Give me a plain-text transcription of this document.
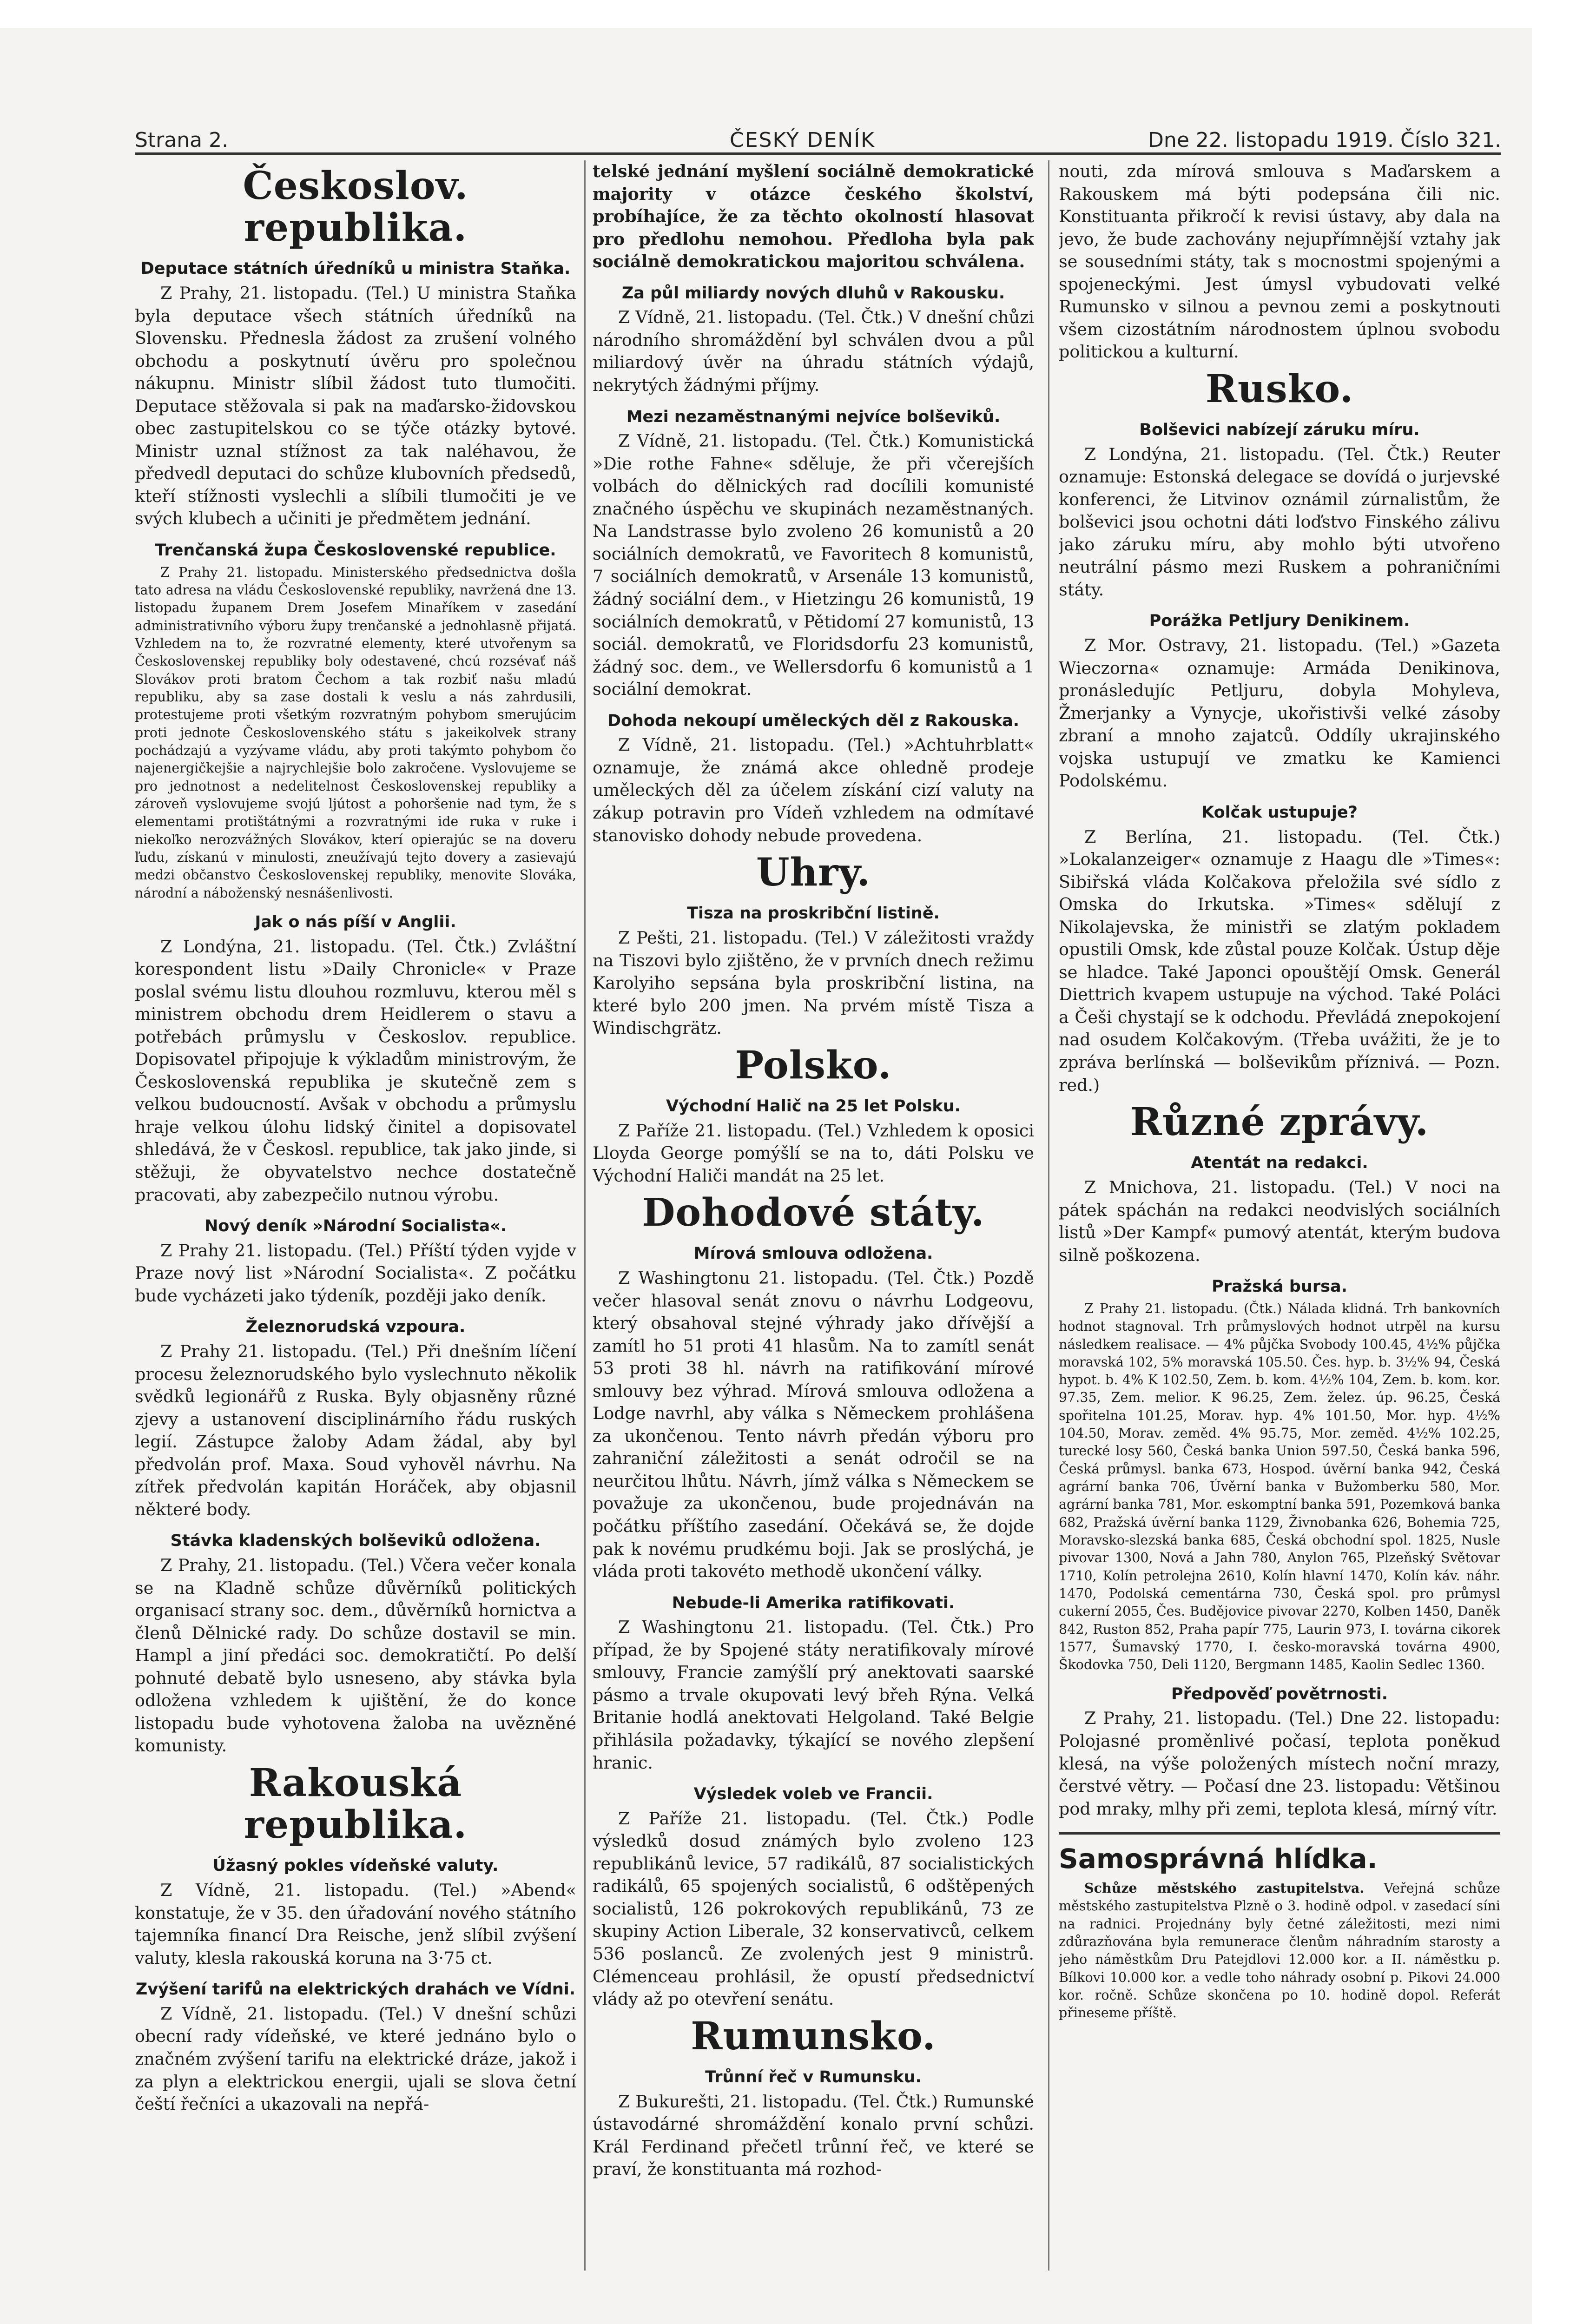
Strana 2.	ČESKÝ DENÍK	Dne 22. listopadu 1919. Číslo 321.
Českoslov. republika.
Deputace státních úředníků u ministra Staňka.

Z Prahy, 21. listopadu. (Tel.) U ministra Staňka byla deputace všech státních úředníků na Slovensku. Přednesla žádost za zrušení volného obchodu a poskytnutí úvěru pro společnou nákupnu. Ministr slíbil žádost tuto tlumočiti. Deputace stěžovala si pak na maďarsko-židovskou obec zastupitelskou co se týče otázky bytové. Ministr uznal stížnost za tak naléhavou, že předvedl deputaci do schůze klubovních předsedů, kteří stížnosti vyslechli a slíbili tlumočiti je ve svých klubech a učiniti je předmětem jednání.

Trenčanská župa Československé republice.

Z Prahy 21. listopadu. Ministerského předsednictva došla tato adresa na vládu Československé republiky, navržená dne 13. listopadu županem Drem Josefem Minaříkem v zasedání administrativního výboru župy trenčanské a jednohlasně přijatá. Vzhledem na to, že rozvratné elementy, které utvořenym sa Československej republiky boly odestavené, chcú rozsévať náš Slovákov proti bratom Čechom a tak rozbiť našu mladú republiku, aby sa zase dostali k veslu a nás zahrdusili, protestujeme proti všetkým rozvratným pohybom smerujúcim proti jednote Československého státu s jakeikolvek strany pochádzajú a vyzývame vládu, aby proti takýmto pohybom čo najenergičkejšie a najrychlejšie bolo zakročene. Vyslovujeme se pro jednotnost a nedelitelnost Československej republiky a zároveň vyslovujeme svojú ljútost a pohoršenie nad tym, že s elementami protištátnými a rozvratnými ide ruka v ruke i niekoľko nerozvážných Slovákov, kterí opierajúc se na doveru ľudu, získanú v minulosti, zneužívajú tejto dovery a zasievajú medzi občanstvo Československej republiky, menovite Slováka, národní a náboženský nesnášenlivosti.

Jak o nás píší v Anglii.

Z Londýna, 21. listopadu. (Tel. Čtk.) Zvláštní korespondent listu »Daily Chronicle« v Praze poslal svému listu dlouhou rozmluvu, kterou měl s ministrem obchodu drem Heidlerem o stavu a potřebách průmyslu v Českoslov. republice. Dopisovatel připojuje k výkladům ministrovým, že Československá republika je skutečně zem s velkou budoucností. Avšak v obchodu a průmyslu hraje velkou úlohu lidský činitel a dopisovatel shledává, že v Českosl. republice, tak jako jinde, si stěžuji, že obyvatelstvo nechce dostatečně pracovati, aby zabezpečilo nutnou výrobu.

Nový deník »Národní Socialista«.

Z Prahy 21. listopadu. (Tel.) Příští týden vyjde v Praze nový list »Národní Socialista«. Z počátku bude vycházeti jako týdeník, později jako deník.

Železnorudská vzpoura.

Z Prahy 21. listopadu. (Tel.) Při dnešním líčení procesu železnorudského bylo vyslechnuto několik svědků legionářů z Ruska. Byly objasněny různé zjevy a ustanovení disciplinárního řádu ruských legií. Zástupce žaloby Adam žádal, aby byl předvolán prof. Maxa. Soud vyhověl návrhu. Na zítřek předvolán kapitán Horáček, aby objasnil některé body.

Stávka kladenských bolševiků odložena.

Z Prahy, 21. listopadu. (Tel.) Včera večer konala se na Kladně schůze důvěrníků politických organisací strany soc. dem., důvěrníků hornictva a členů Dělnické rady. Do schůze dostavil se min. Hampl a jiní předáci soc. demokratičtí. Po delší pohnuté debatě bylo usneseno, aby stávka byla odložena vzhledem k ujištění, že do konce listopadu bude vyhotovena žaloba na uvězněné komunisty.

Rakouská republika.
Úžasný pokles vídeňské valuty.

Z Vídně, 21. listopadu. (Tel.) »Abend« konstatuje, že v 35. den úřadování nového státního tajemníka financí Dra Reische, jenž slíbil zvýšení valuty, klesla rakouská koruna na 3·75 ct.

Zvýšení tarifů na elektrických drahách ve Vídni.

Z Vídně, 21. listopadu. (Tel.) V dnešní schůzi obecní rady vídeňské, ve které jednáno bylo o značném zvýšení tarifu na elektrické dráze, jakož i za plyn a elektrickou energii, ujali se slova četní čeští řečníci a ukazovali na nepřá-

telské jednání myšlení sociálně demokratické majority v otázce českého školství, probíhajíce, že za těchto okolností hlasovat pro předlohu nemohou. Předloha byla pak sociálně demokratickou majoritou schválena.

Za půl miliardy nových dluhů v Rakousku.

Z Vídně, 21. listopadu. (Tel. Čtk.) V dnešní chůzi národního shromáždění byl schválen dvou a půl miliardový úvěr na úhradu státních výdajů, nekrytých žádnými příjmy.

Mezi nezaměstnanými nejvíce bolševiků.

Z Vídně, 21. listopadu. (Tel. Čtk.) Komunistická »Die rothe Fahne« sděluje, že při včerejších volbách do dělnických rad docílili komunisté značného úspěchu ve skupinách nezaměstnaných. Na Landstrasse bylo zvoleno 26 komunistů a 20 sociálních demokratů, ve Favoritech 8 komunistů, 7 sociálních demokratů, v Arsenále 13 komunistů, žádný sociální dem., v Hietzingu 26 komunistů, 19 sociálních demokratů, v Pětidomí 27 komunistů, 13 sociál. demokratů, ve Floridsdorfu 23 komunistů, žádný soc. dem., ve Wellersdorfu 6 komunistů a 1 sociální demokrat.

Dohoda nekoupí uměleckých děl z Rakouska.

Z Vídně, 21. listopadu. (Tel.) »Achtuhrblatt« oznamuje, že známá akce ohledně prodeje uměleckých děl za účelem získání cizí valuty na zákup potravin pro Vídeň vzhledem na odmítavé stanovisko dohody nebude provedena.

Uhry.
Tisza na proskribční listině.

Z Pešti, 21. listopadu. (Tel.) V záležitosti vraždy na Tiszovi bylo zjištěno, že v prvních dnech režimu Karolyiho sepsána byla proskribční listina, na které bylo 200 jmen. Na prvém místě Tisza a Windischgrätz.

Polsko.
Východní Halič na 25 let Polsku.

Z Paříže 21. listopadu. (Tel.) Vzhledem k oposici Lloyda George pomýšlí se na to, dáti Polsku ve Východní Haliči mandát na 25 let.

Dohodové státy.
Mírová smlouva odložena.

Z Washingtonu 21. listopadu. (Tel. Čtk.) Pozdě večer hlasoval senát znovu o návrhu Lodgeovu, který obsahoval stejné výhrady jako dřívější a zamítl ho 51 proti 41 hlasům. Na to zamítl senát 53 proti 38 hl. návrh na ratifikování mírové smlouvy bez výhrad. Mírová smlouva odložena a Lodge navrhl, aby válka s Německem prohlášena za ukončenou. Tento návrh předán výboru pro zahraniční záležitosti a senát odročil se na neurčitou lhůtu. Návrh, jímž válka s Německem se považuje za ukončenou, bude projednáván na počátku příštího zasedání. Očekává se, že dojde pak k novému prudkému boji. Jak se proslýchá, je vláda proti takovéto methodě ukončení války.

Nebude-li Amerika ratifikovati.

Z Washingtonu 21. listopadu. (Tel. Čtk.) Pro případ, že by Spojené státy neratifikovaly mírové smlouvy, Francie zamýšlí prý anektovati saarské pásmo a trvale okupovati levý břeh Rýna. Velká Britanie hodlá anektovati Helgoland. Také Belgie přihlásila požadavky, týkající se nového zlepšení hranic.

Výsledek voleb ve Francii.

Z Paříže 21. listopadu. (Tel. Čtk.) Podle výsledků dosud známých bylo zvoleno 123 republikánů levice, 57 radikálů, 87 socialistických radikálů, 65 spojených socialistů, 6 odštěpených socialistů, 126 pokrokových republikánů, 73 ze skupiny Action Liberale, 32 konservativců, celkem 536 poslanců. Ze zvolených jest 9 ministrů. Clémenceau prohlásil, že opustí předsednictví vlády až po otevření senátu.

Rumunsko.
Trůnní řeč v Rumunsku.

Z Bukurešti, 21. listopadu. (Tel. Čtk.) Rumunské ústavodárné shromáždění konalo první schůzi. Král Ferdinand přečetl trůnní řeč, ve které se praví, že konstituanta má rozhod-

nouti, zda mírová smlouva s Maďarskem a Rakouskem má býti podepsána čili nic. Konstituanta přikročí k revisi ústavy, aby dala na jevo, že bude zachovány nejupřímnější vztahy jak se sousedními státy, tak s mocnostmi spojenými a spojeneckými. Jest úmysl vybudovati velké Rumunsko v silnou a pevnou zemi a poskytnouti všem cizostátním národnostem úplnou svobodu politickou a kulturní.

Rusko.
Bolševici nabízejí záruku míru.

Z Londýna, 21. listopadu. (Tel. Čtk.) Reuter oznamuje: Estonská delegace se dovídá o jurjevské konferenci, že Litvinov oznámil zúrnalistům, že bolševici jsou ochotni dáti loďstvo Finského zálivu jako záruku míru, aby mohlo býti utvořeno neutrální pásmo mezi Ruskem a pohraničními státy.

Porážka Petljury Denikinem.

Z Mor. Ostravy, 21. listopadu. (Tel.) »Gazeta Wieczorna« oznamuje: Armáda Denikinova, pronásledujíc Petljuru, dobyla Mohyleva, Žmerjanky a Vynycje, ukořistivši velké zásoby zbraní a mnoho zajatců. Oddíly ukrajinského vojska ustupují ve zmatku ke Kamienci Podolskému.

Kolčak ustupuje?

Z Berlína, 21. listopadu. (Tel. Čtk.) »Lokalanzeiger« oznamuje z Haagu dle »Times«: Sibiřská vláda Kolčakova přeložila své sídlo z Omska do Irkutska. »Times« sdělují z Nikolajevska, že ministři se zlatým pokladem opustili Omsk, kde zůstal pouze Kolčak. Ústup děje se hladce. Také Japonci opouštějí Omsk. Generál Diettrich kvapem ustupuje na východ. Také Poláci a Češi chystají se k odchodu. Převládá znepokojení nad osudem Kolčakovým. (Třeba uvážiti, že je to zpráva berlínská — bolševikům příznivá. — Pozn. red.)

Různé zprávy.
Atentát na redakci.

Z Mnichova, 21. listopadu. (Tel.) V noci na pátek spáchán na redakci neodvislých sociálních listů »Der Kampf« pumový atentát, kterým budova silně poškozena.

Pražská bursa.

Z Prahy 21. listopadu. (Čtk.) Nálada klidná. Trh bankovních hodnot stagnoval. Trh průmyslových hodnot utrpěl na kursu následkem realisace. — 4% půjčka Svobody 100.45, 4½% půjčka moravská 102, 5% moravská 105.50. Čes. hyp. b. 3½% 94, Česká hypot. b. 4% K 102.50, Zem. b. kom. 4½% 104, Zem. b. kom. kor. 97.35, Zem. melior. K 96.25, Zem. želez. úp. 96.25, Česká spořitelna 101.25, Morav. hyp. 4% 101.50, Mor. hyp. 4½% 104.50, Morav. zeměd. 4% 95.75, Mor. zeměd. 4½% 102.25, turecké losy 560, Česká banka Union 597.50, Česká banka 596, Česká průmysl. banka 673, Hospod. úvěrní banka 942, Česká agrární banka 706, Úvěrní banka v Bužomberku 580, Mor. agrární banka 781, Mor. eskomptní banka 591, Pozemková banka 682, Pražská úvěrní banka 1129, Živnobanka 626, Bohemia 725, Moravsko-slezská banka 685, Česká obchodní spol. 1825, Nusle pivovar 1300, Nová a Jahn 780, Anylon 765, Plzeňský Světovar 1710, Kolín petrolejna 2610, Kolín hlavní 1470, Kolín káv. náhr. 1470, Podolská cementárna 730, Česká spol. pro průmysl cukerní 2055, Čes. Budějovice pivovar 2270, Kolben 1450, Daněk 842, Ruston 852, Praha papír 775, Laurin 973, I. továrna cikorek 1577, Šumavský 1770, I. česko-moravská továrna 4900, Škodovka 750, Deli 1120, Bergmann 1485, Kaolin Sedlec 1360.

Předpověď povětrnosti.

Z Prahy, 21. listopadu. (Tel.) Dne 22. listopadu: Polojasné proměnlivé počasí, teplota poněkud klesá, na výše položených místech noční mrazy, čerstvé větry. — Počasí dne 23. listopadu: Většinou pod mraky, mlhy při zemi, teplota klesá, mírný vítr.

Samosprávná hlídka.

Schůze městského zastupitelstva. Veřejná schůze městského zastupitelstva Plzně o 3. hodině odpol. v zasedací síni na radnici. Projednány byly četné záležitosti, mezi nimi zdůrazňována byla remunerace členům náhradním starosty a jeho náměstkům Dru Patejdlovi 12.000 kor. a II. náměstku p. Bílkovi 10.000 kor. a vedle toho náhrady osobní p. Pikovi 24.000 kor. ročně. Schůze skončena po 10. hodině dopol. Referát přineseme příště.
